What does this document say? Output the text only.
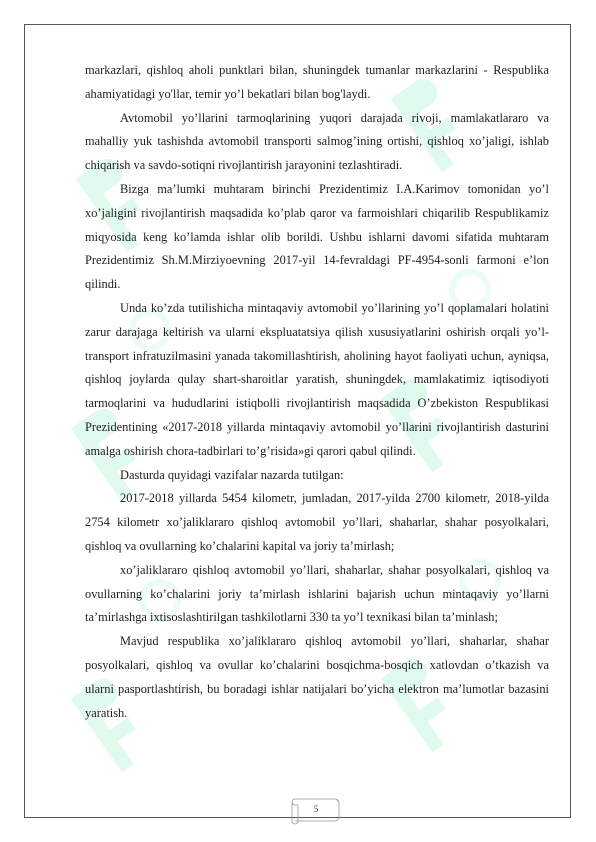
markazlari, qishloq aholi punktlari bilan, shuningdek tumanlar markazlarini - Respublika ahamiyatidagi yo'llar, temir yo’l bekatlari bilan bog'laydi.

Avtomobil yo’llarini tarmoqlarining yuqori darajada rivoji, mamlakatlararo va mahalliy yuk tashishda avtomobil transporti salmog’ining ortishi, qishloq xo’jaligi, ishlab chiqarish va savdo-sotiqni rivojlantirish jarayonini tezlashtiradi.

Bizga ma’lumki muhtaram birinchi Prezidentimiz I.A.Karimov tomonidan yo’l xo’jaligini rivojlantirish maqsadida ko’plab qaror va farmoishlari chiqarilib Respublikamiz miqyosida keng ko’lamda ishlar olib borildi. Ushbu ishlarni davomi sifatida muhtaram Prezidentimiz Sh.M.Mirziyoevning 2017-yil 14-fevraldagi PF-4954-sonli farmoni e’lon qilindi.

Unda ko’zda tutilishicha mintaqaviy avtomobil yo’llarining yo’l qoplamalari holatini zarur darajaga keltirish va ularni ekspluatatsiya qilish xususiyatlarini oshirish orqali yo’l-transport infratuzilmasini yanada takomillashtirish, aholining hayot faoliyati uchun, ayniqsa, qishloq joylarda qulay shart-sharoitlar yaratish, shuningdek, mamlakatimiz iqtisodiyoti tarmoqlarini va hududlarini istiqbolli rivojlantirish maqsadida O’zbekiston Respublikasi Prezidentining «2017-2018 yillarda mintaqaviy avtomobil yo’llarini rivojlantirish dasturini amalga oshirish chora-tadbirlari to’g’risida»gi qarori qabul qilindi.

Dasturda quyidagi vazifalar nazarda tutilgan:

2017-2018 yillarda 5454 kilometr, jumladan, 2017-yilda 2700 kilometr, 2018-yilda 2754 kilometr xo’jaliklararo qishloq avtomobil yo’llari, shaharlar, shahar posyolkalari, qishloq va ovullarning ko’chalarini kapital va joriy ta’mirlash;

xo’jaliklararo qishloq avtomobil yo’llari, shaharlar, shahar posyolkalari, qishloq va ovullarning ko’chalarini joriy ta’mirlash ishlarini bajarish uchun mintaqaviy yo’llarni ta’mirlashga ixtisoslashtirilgan tashkilotlarni 330 ta yo’l texnikasi bilan ta’minlash;

Mavjud respublika xo’jaliklararo qishloq avtomobil yo’llari, shaharlar, shahar posyolkalari, qishloq va ovullar ko’chalarini bosqichma-bosqich xatlovdan o’tkazish va ularni pasportlashtirish, bu boradagi ishlar natijalari bo’yicha elektron ma’lumotlar bazasini yaratish.

5
